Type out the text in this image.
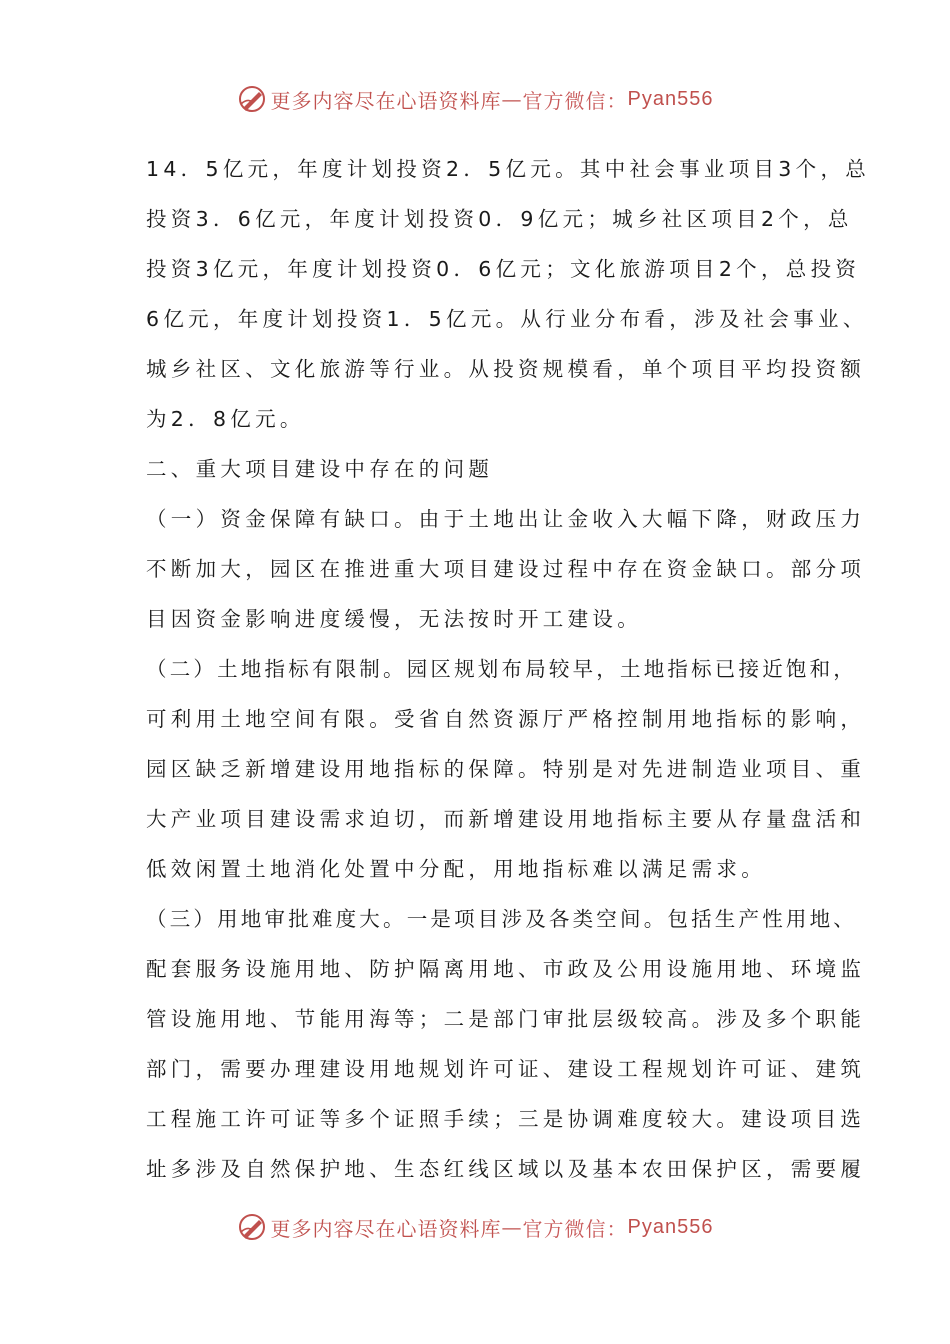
更多内容尽在心语资料库 — 官方微信： Pyan556
14．5亿元，年度计划投资2．5亿元。其中社会事业项目3个，总
投资3．6亿元，年度计划投资0．9亿元；城乡社区项目2个，总
投资3亿元，年度计划投资0．6亿元；文化旅游项目2个，总投资
6亿元，年度计划投资1．5亿元。从行业分布看，涉及社会事业、
城乡社区、文化旅游等行业。从投资规模看，单个项目平均投资额
为2．8亿元。
二、重大项目建设中存在的问题
（一）资金保障有缺口。由于土地出让金收入大幅下降，财政压力
不断加大，园区在推进重大项目建设过程中存在资金缺口。部分项
目因资金影响进度缓慢，无法按时开工建设。
（二）土地指标有限制。园区规划布局较早，土地指标已接近饱和，
可利用土地空间有限。受省自然资源厅严格控制用地指标的影响，
园区缺乏新增建设用地指标的保障。特别是对先进制造业项目、重
大产业项目建设需求迫切，而新增建设用地指标主要从存量盘活和
低效闲置土地消化处置中分配，用地指标难以满足需求。
（三）用地审批难度大。一是项目涉及各类空间。包括生产性用地、
配套服务设施用地、防护隔离用地、市政及公用设施用地、环境监
管设施用地、节能用海等；二是部门审批层级较高。涉及多个职能
部门，需要办理建设用地规划许可证、建设工程规划许可证、建筑
工程施工许可证等多个证照手续；三是协调难度较大。建设项目选
址多涉及自然保护地、生态红线区域以及基本农田保护区，需要履
更多内容尽在心语资料库 — 官方微信： Pyan556
